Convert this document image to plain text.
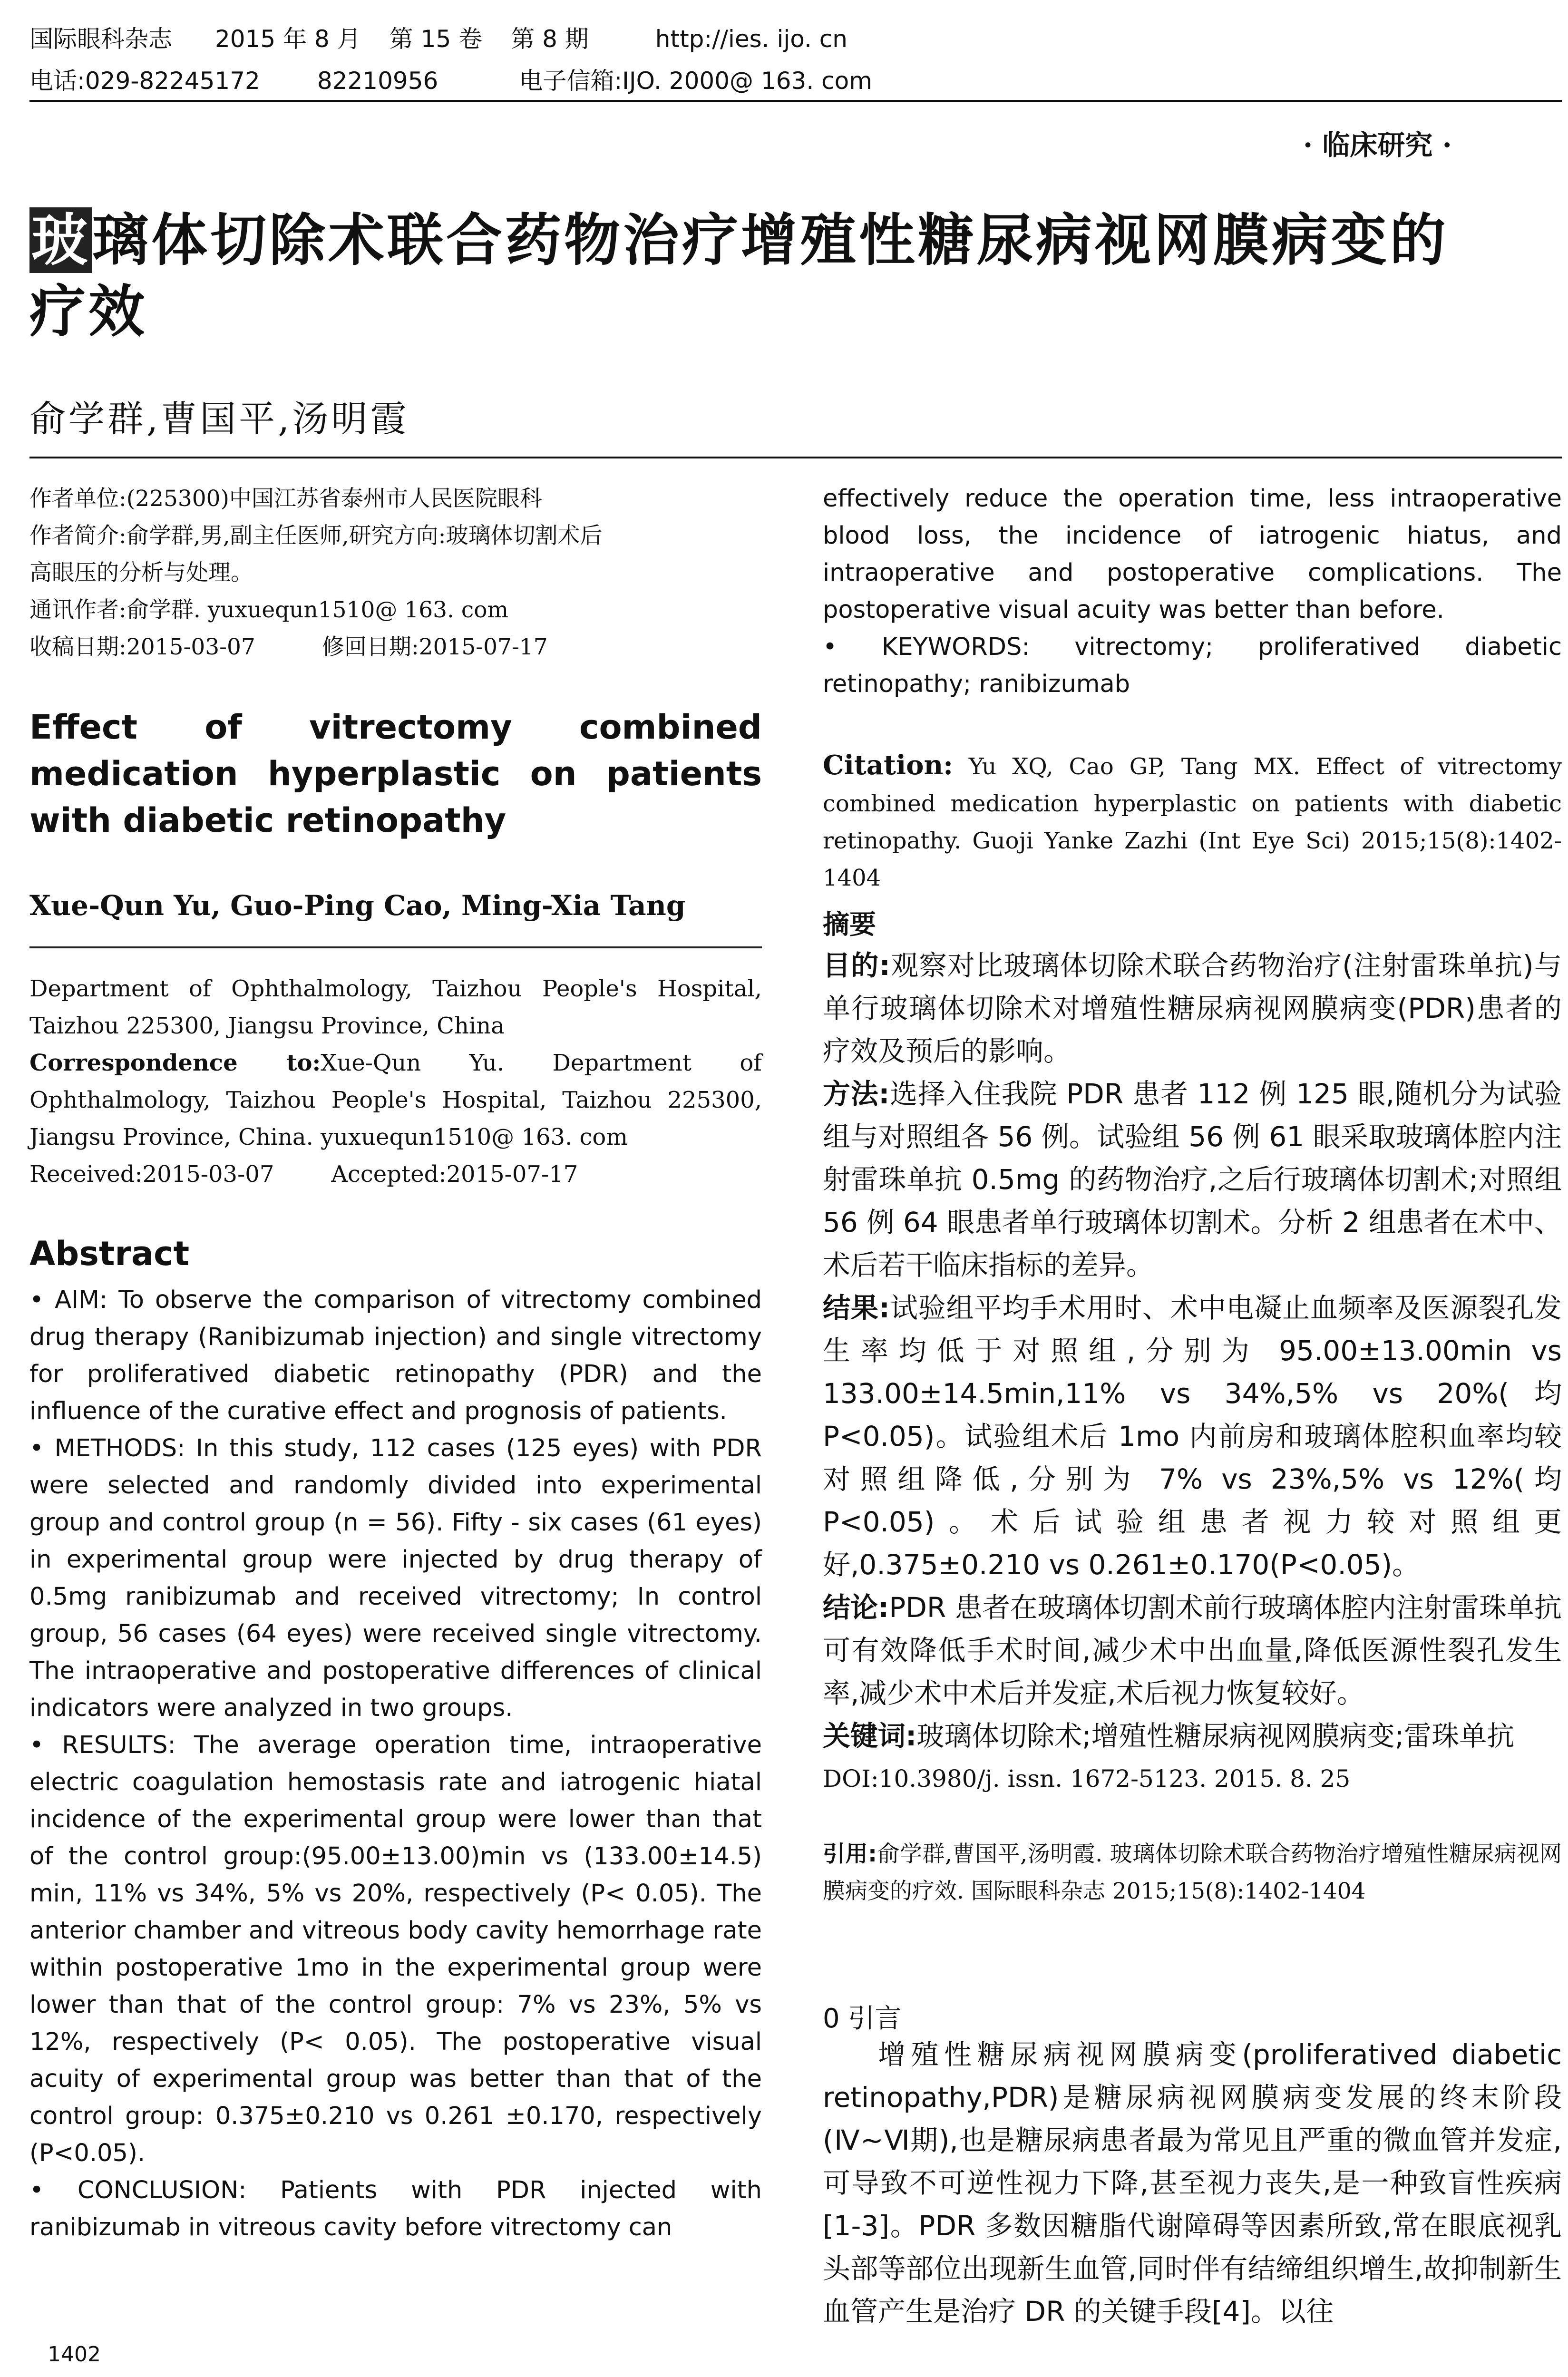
国际眼科杂志 2015 年 8 月 第 15 卷 第 8 期	http://ies. ijo. cn
电话:029-82245172 82210956	电子信箱:IJO. 2000@ 163. com
· 临床研究 ·
玻璃体切除术联合药物治疗增殖性糖尿病视网膜病变的
疗效
俞学群,曹国平,汤明霞
作者单位:(225300)中国江苏省泰州市人民医院眼科
作者简介:俞学群,男,副主任医师,研究方向:玻璃体切割术后
高眼压的分析与处理。
通讯作者:俞学群. yuxuequn1510@ 163. com
收稿日期:2015-03-07	修回日期:2015-07-17
Effect of vitrectomy combined medication hyperplastic on patients with diabetic retinopathy
Xue-Qun Yu, Guo-Ping Cao, Ming-Xia Tang
Department of Ophthalmology, Taizhou People's Hospital, Taizhou 225300, Jiangsu Province, China
Correspondence to:Xue-Qun Yu. Department of Ophthalmology, Taizhou People's Hospital, Taizhou 225300, Jiangsu Province, China. yuxuequn1510@ 163. com
Received:2015-03-07	Accepted:2015-07-17
Abstract
• AIM: To observe the comparison of vitrectomy combined drug therapy (Ranibizumab injection) and single vitrectomy for proliferatived diabetic retinopathy (PDR) and the influence of the curative effect and prognosis of patients.
• METHODS: In this study, 112 cases (125 eyes) with PDR were selected and randomly divided into experimental group and control group (n = 56). Fifty - six cases (61 eyes) in experimental group were injected by drug therapy of 0.5mg ranibizumab and received vitrectomy; In control group, 56 cases (64 eyes) were received single vitrectomy. The intraoperative and postoperative differences of clinical indicators were analyzed in two groups.
• RESULTS: The average operation time, intraoperative electric coagulation hemostasis rate and iatrogenic hiatal incidence of the experimental group were lower than that of the control group:(95.00±13.00)min vs (133.00±14.5) min, 11% vs 34%, 5% vs 20%, respectively (P< 0.05). The anterior chamber and vitreous body cavity hemorrhage rate within postoperative 1mo in the experimental group were lower than that of the control group: 7% vs 23%, 5% vs 12%, respectively (P< 0.05). The postoperative visual acuity of experimental group was better than that of the control group: 0.375±0.210 vs 0.261 ±0.170, respectively (P<0.05).
• CONCLUSION: Patients with PDR injected with ranibizumab in vitreous cavity before vitrectomy can
1402
effectively reduce the operation time, less intraoperative blood loss, the incidence of iatrogenic hiatus, and intraoperative and postoperative complications. The postoperative visual acuity was better than before.
• KEYWORDS: vitrectomy; proliferatived diabetic retinopathy; ranibizumab
Citation: Yu XQ, Cao GP, Tang MX. Effect of vitrectomy combined medication hyperplastic on patients with diabetic retinopathy. Guoji Yanke Zazhi (Int Eye Sci) 2015;15(8):1402-1404
摘要
目的:观察对比玻璃体切除术联合药物治疗(注射雷珠单抗)与单行玻璃体切除术对增殖性糖尿病视网膜病变(PDR)患者的疗效及预后的影响。
方法:选择入住我院 PDR 患者 112 例 125 眼,随机分为试验组与对照组各 56 例。试验组 56 例 61 眼采取玻璃体腔内注射雷珠单抗 0.5mg 的药物治疗,之后行玻璃体切割术;对照组 56 例 64 眼患者单行玻璃体切割术。分析 2 组患者在术中、术后若干临床指标的差异。
结果:试验组平均手术用时、术中电凝止血频率及医源裂孔发生率均低于对照组,分别为 95.00±13.00min vs 133.00±14.5min,11% vs 34%,5% vs 20%(均 P<0.05)。试验组术后 1mo 内前房和玻璃体腔积血率均较对照组降低,分别为 7% vs 23%,5% vs 12%(均 P<0.05)。术后试验组患者视力较对照组更好,0.375±0.210 vs 0.261±0.170(P<0.05)。
结论:PDR 患者在玻璃体切割术前行玻璃体腔内注射雷珠单抗可有效降低手术时间,减少术中出血量,降低医源性裂孔发生率,减少术中术后并发症,术后视力恢复较好。
关键词:玻璃体切除术;增殖性糖尿病视网膜病变;雷珠单抗
DOI:10.3980/j. issn. 1672-5123. 2015. 8. 25
引用:俞学群,曹国平,汤明霞. 玻璃体切除术联合药物治疗增殖性糖尿病视网膜病变的疗效. 国际眼科杂志 2015;15(8):1402-1404
0 引言
增殖性糖尿病视网膜病变(proliferatived diabetic retinopathy,PDR)是糖尿病视网膜病变发展的终末阶段(Ⅳ~Ⅵ期),也是糖尿病患者最为常见且严重的微血管并发症,可导致不可逆性视力下降,甚至视力丧失,是一种致盲性疾病[1-3]。PDR 多数因糖脂代谢障碍等因素所致,常在眼底视乳头部等部位出现新生血管,同时伴有结缔组织增生,故抑制新生血管产生是治疗 DR 的关键手段[4]。以往
